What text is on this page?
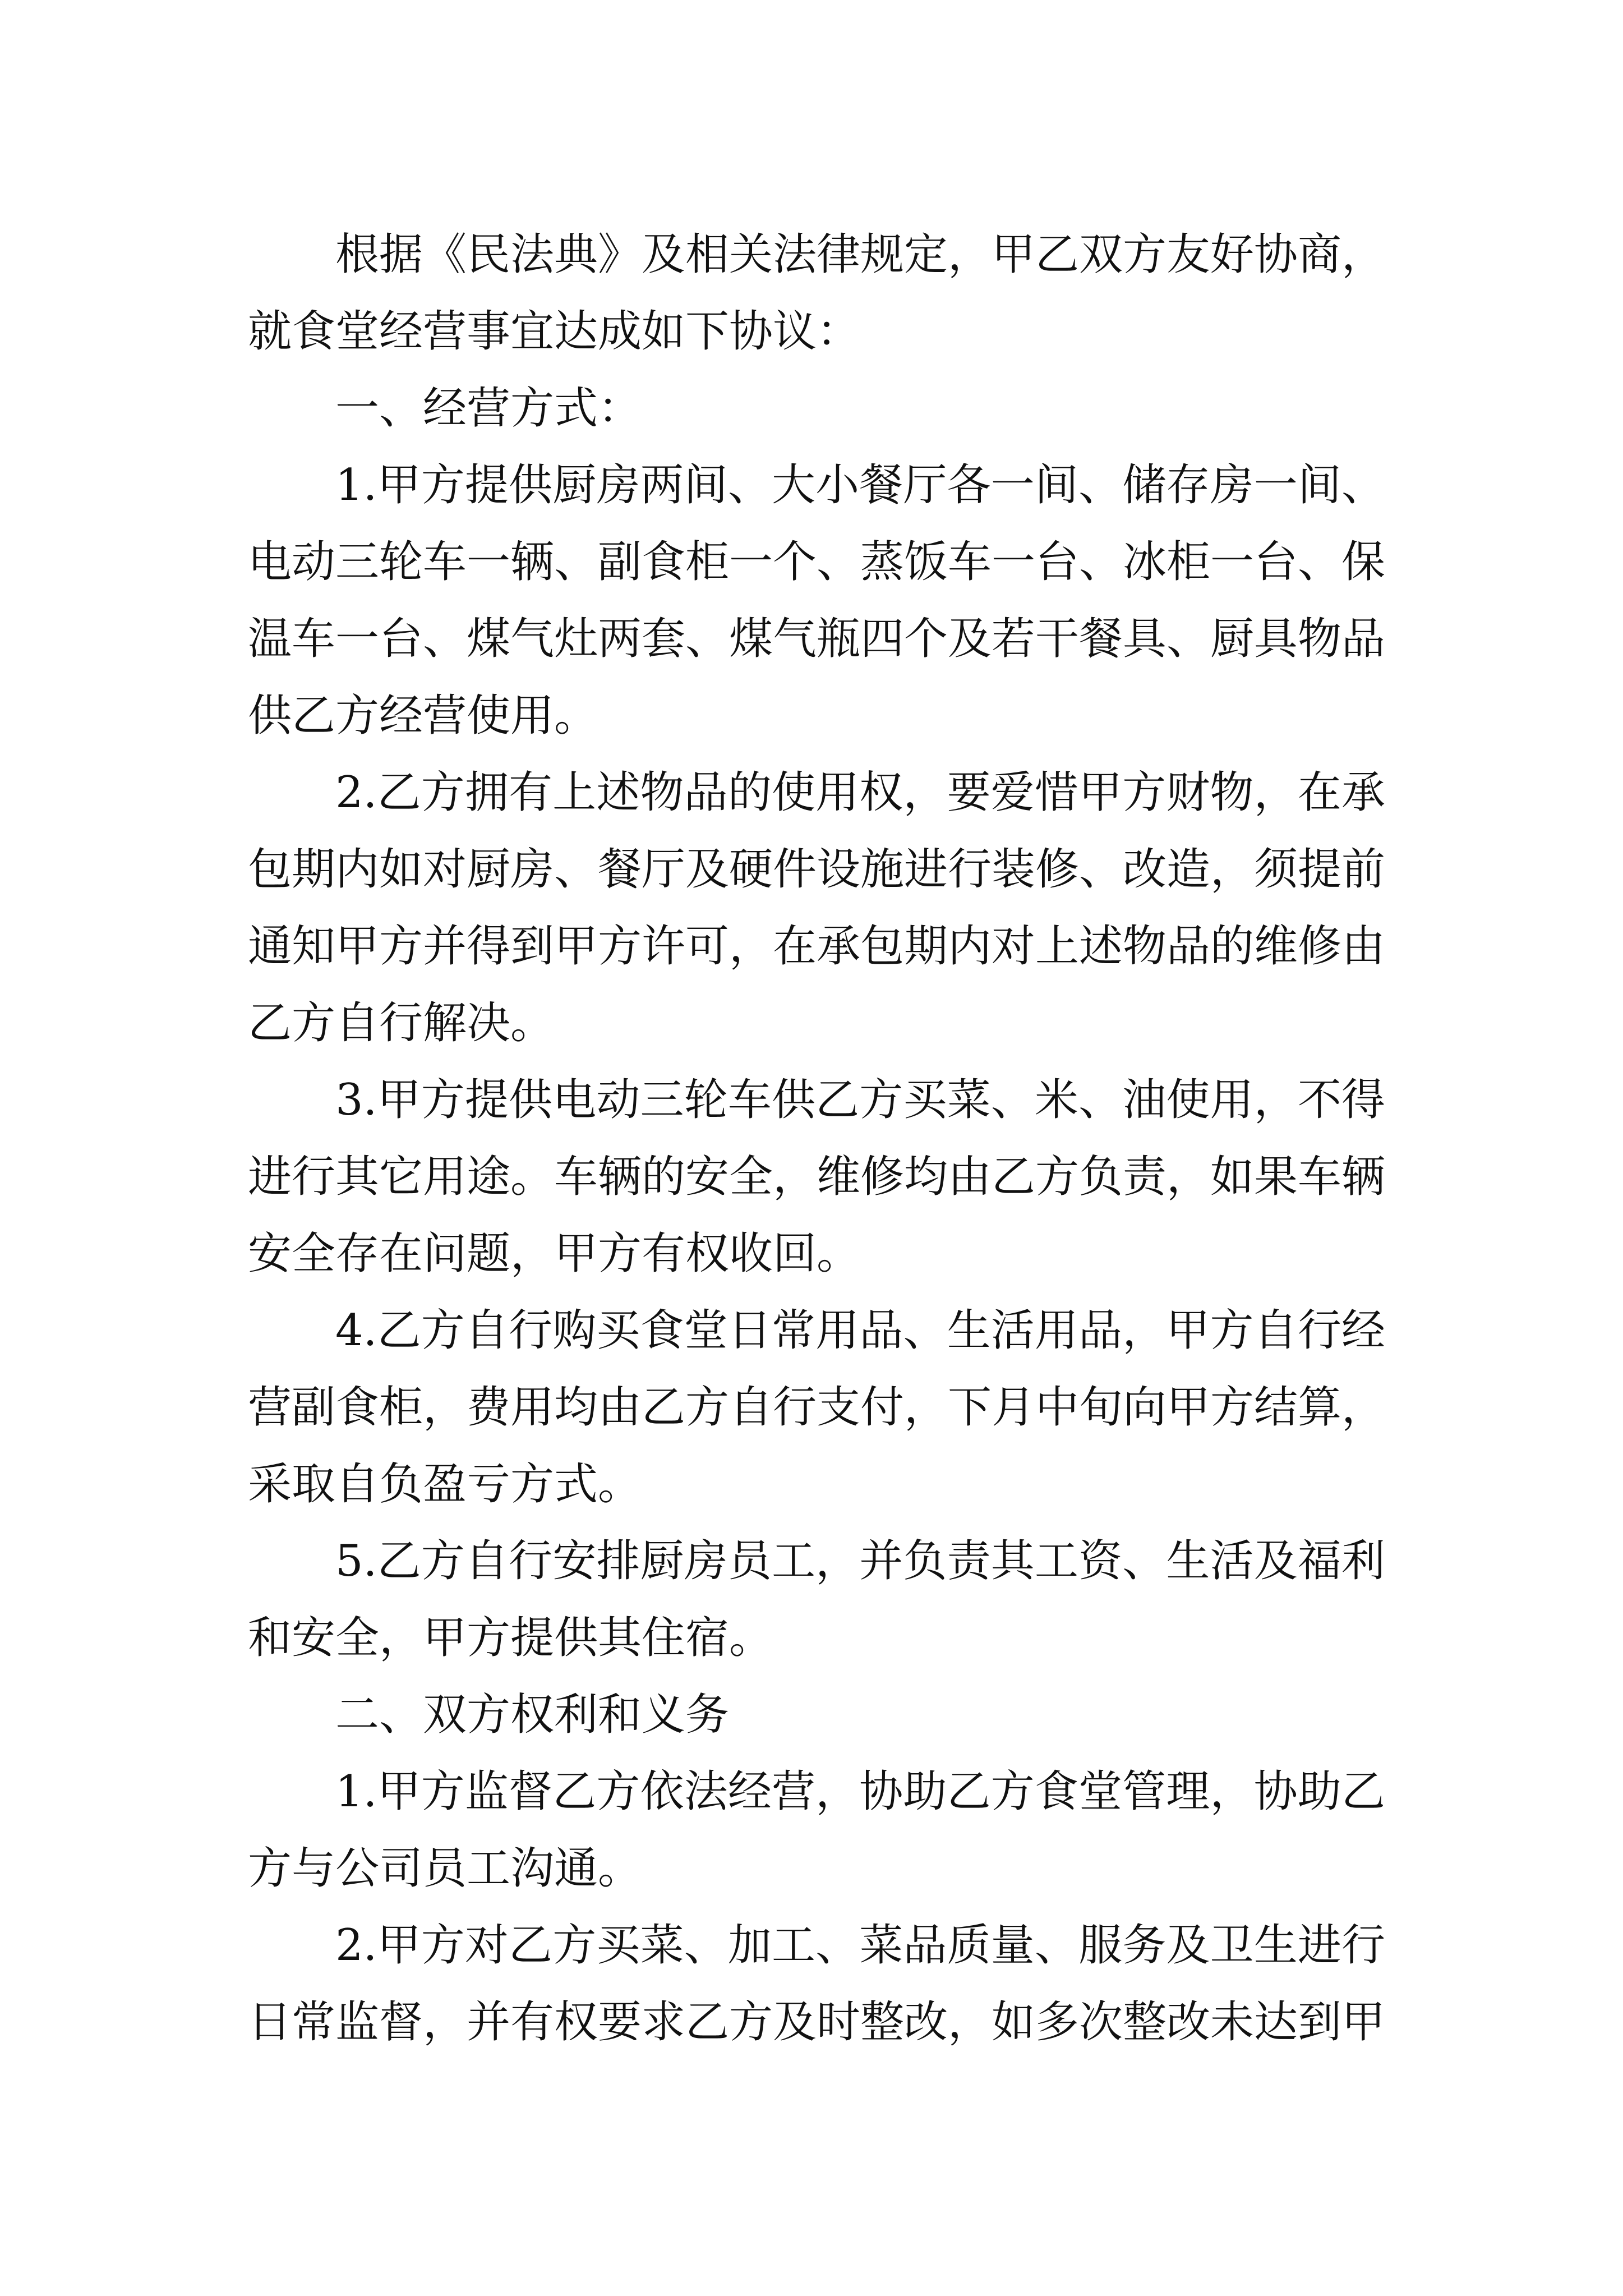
根据《民法典》及相关法律规定，甲乙双方友好协商，就食堂经营事宜达成如下协议：

一、经营方式：

1.甲方提供厨房两间、大小餐厅各一间、储存房一间、电动三轮车一辆、副食柜一个、蒸饭车一台、冰柜一台、保温车一台、煤气灶两套、煤气瓶四个及若干餐具、厨具物品供乙方经营使用。

2.乙方拥有上述物品的使用权，要爱惜甲方财物，在承包期内如对厨房、餐厅及硬件设施进行装修、改造，须提前通知甲方并得到甲方许可，在承包期内对上述物品的维修由乙方自行解决。

3.甲方提供电动三轮车供乙方买菜、米、油使用，不得进行其它用途。车辆的安全，维修均由乙方负责，如果车辆安全存在问题，甲方有权收回。

4.乙方自行购买食堂日常用品、生活用品，甲方自行经营副食柜，费用均由乙方自行支付，下月中旬向甲方结算，采取自负盈亏方式。

5.乙方自行安排厨房员工，并负责其工资、生活及福利和安全，甲方提供其住宿。

二、双方权利和义务

1.甲方监督乙方依法经营，协助乙方食堂管理，协助乙方与公司员工沟通。

2.甲方对乙方买菜、加工、菜品质量、服务及卫生进行日常监督，并有权要求乙方及时整改，如多次整改未达到甲
